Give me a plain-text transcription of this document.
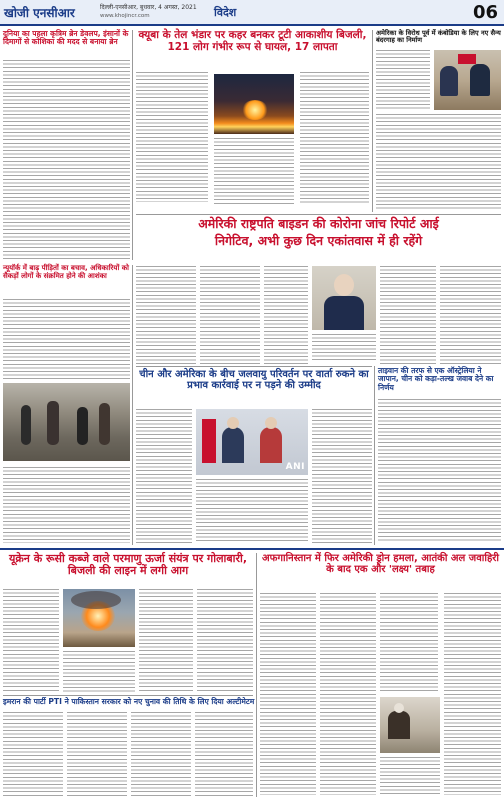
खोजी एनसीआर	दिल्ली-एनसीआर, बुधवार, 4 अगस्त, 2021
www.khojincr.com	विदेश	06
दुनिया का पहला कृत्रिम ब्रेन डेवलप, इंसानों के दिमागों से कोशिका की मदद से बनाया ब्रेन
क्यूबा के तेल भंडार पर कहर बनकर टूटी आकाशीय बिजली, 121 लोग गंभीर रूप से घायल, 17 लापता
अमेरिका के विरोध पूर्व में कंबोडिया के लिए नए सैन्य बंदरगाह का निर्माण
अमेरिकी राष्ट्रपति बाइडन की कोरोना जांच रिपोर्ट आई
निगेटिव, अभी कुछ दिन एकांतवास में ही रहेंगे
न्यूयॉर्क में बाढ़ पीड़ितों का बचाव, अधिकारियों को सैकड़ों लोगों के संक्रमित होने की आशंका
चीन और अमेरिका के बीच जलवायु परिवर्तन पर वार्ता रुकने का प्रभाव कार्रवाई पर न पड़ने की उम्मीद
ANI
ताइवान की तरफ से एक ऑस्ट्रेलिया ने जापान, चीन को कड़ा-तल्ख जवाब देने का निर्णय
यूक्रेन के रूसी कब्जे वाले परमाणु ऊर्जा संयंत्र पर गोलाबारी, बिजली की लाइन में लगी आग
अफगानिस्तान में फिर अमेरिकी ड्रोन हमला, आतंकी अल जवाहिरी के बाद एक और 'लक्ष्य' तबाह
इमरान की पार्टी PTI ने पाकिस्तान सरकार को नए चुनाव की तिथि के लिए दिया अल्टीमेटम
